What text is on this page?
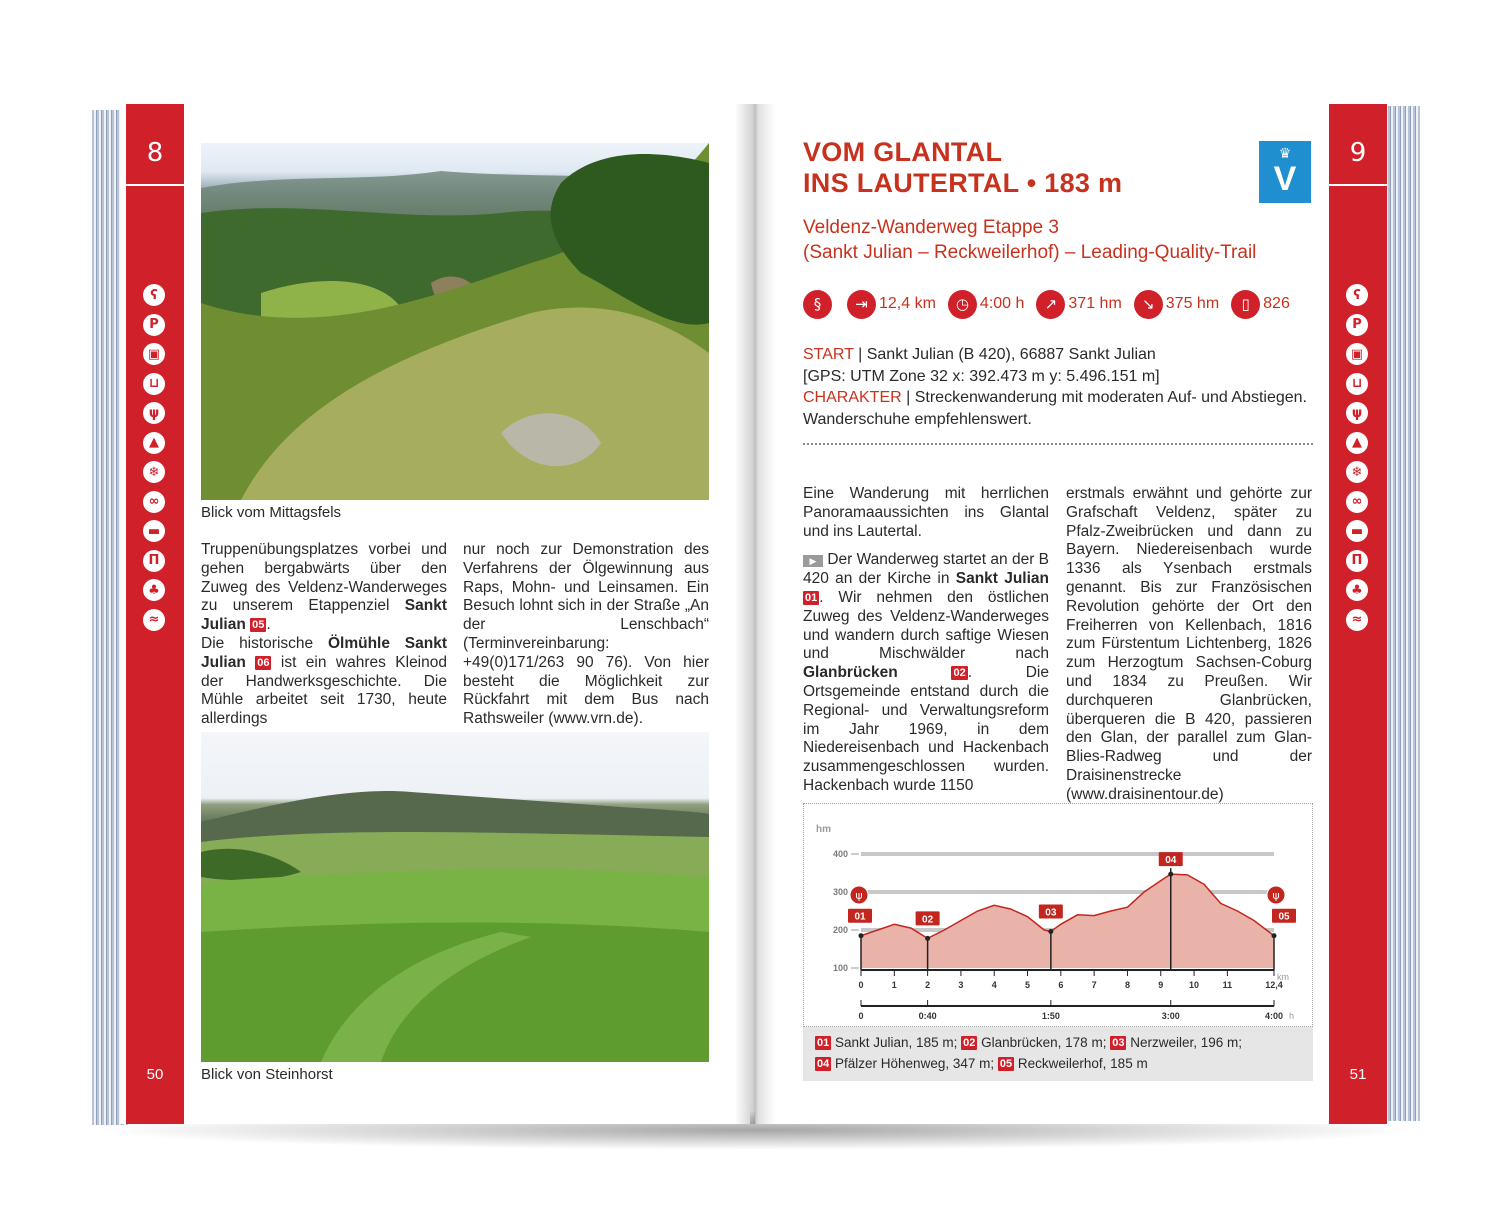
8
ʕ
P
▣
⊔
ψ
▲
❄
∞
▬
Π
♣
≈
50
9
ʕ
P
▣
⊔
ψ
▲
❄
∞
▬
Π
♣
≈
51
Blick vom Mittagsfels
Truppenübungsplatzes vorbei und gehen bergabwärts über den Zuweg des Veldenz-Wanderweges zu unserem Etappenziel Sankt Julian 05 .
Die historische Ölmühle Sankt Julian 06 ist ein wahres Kleinod der Handwerksgeschichte. Die Mühle arbeitet seit 1730, heute allerdings
nur noch zur Demonstration des Verfahrens der Ölgewinnung aus Raps, Mohn- und Leinsamen. Ein Besuch lohnt sich in der Straße „An der Lenschbach“ (Terminvereinbarung: +49(0)171/263 90 76). Von hier besteht die Möglichkeit zur Rückfahrt mit dem Bus nach Rathsweiler (www.vrn.de).
Blick von Steinhorst
VOM GLANTAL
INS LAUTERTAL • 183 m
♛
V
Veldenz-Wanderweg Etappe 3
(Sankt Julian – Reckweilerhof) – Leading-Quality-Trail
§	⇥ 12,4 km	◷ 4:00 h	↗ 371 hm	↘ 375 hm	▯ 826
START | Sankt Julian (B 420), 66887 Sankt Julian
[GPS: UTM Zone 32 x: 392.473 m y: 5.496.151 m]
CHARAKTER | Streckenwanderung mit moderaten Auf- und Abstiegen. Wanderschuhe empfehlenswert.
Eine Wanderung mit herrlichen Panoramaaussichten ins Glantal und ins Lautertal.

▶ Der Wanderweg startet an der B 420 an der Kirche in Sankt Julian 01 . Wir nehmen den östlichen Zuweg des Veldenz-Wanderweges und wandern durch saftige Wiesen und Mischwälder nach Glanbrücken	02 . Die Ortsgemeinde entstand durch die Regional- und Verwaltungsreform im Jahr 1969, in dem Niedereisenbach und Hackenbach zusammengeschlossen wurden. Hackenbach wurde 1150
erstmals erwähnt und gehörte zur Grafschaft Veldenz, später zu Pfalz-Zweibrücken und dann zu Bayern. Niedereisenbach wurde 1336 als Ysenbach erstmals genannt. Bis zur Französischen Revolution gehörte der Ort den Freiherren von Kellenbach, 1816 zum Fürstentum Lichtenberg, 1826 zum Herzogtum Sachsen-Coburg und 1834 zu Preußen. Wir durchqueren Glanbrücken, überqueren die B 420, passieren den Glan, der parallel zum Glan-Blies-Radweg und der Draisinenstrecke (www.draisinentour.de)
hm
100
200
300
400
0	1	2	3	4	5	6	7	8	9	10	11	12,4
km
0	0:40	1:50	3:00	4:00 h
01	02
03
04
05
ψ	ψ
01 Sankt Julian, 185 m; 02 Glanbrücken, 178 m; 03 Nerzweiler, 196 m;
04 Pfälzer Höhenweg, 347 m; 05 Reckweilerhof, 185 m
